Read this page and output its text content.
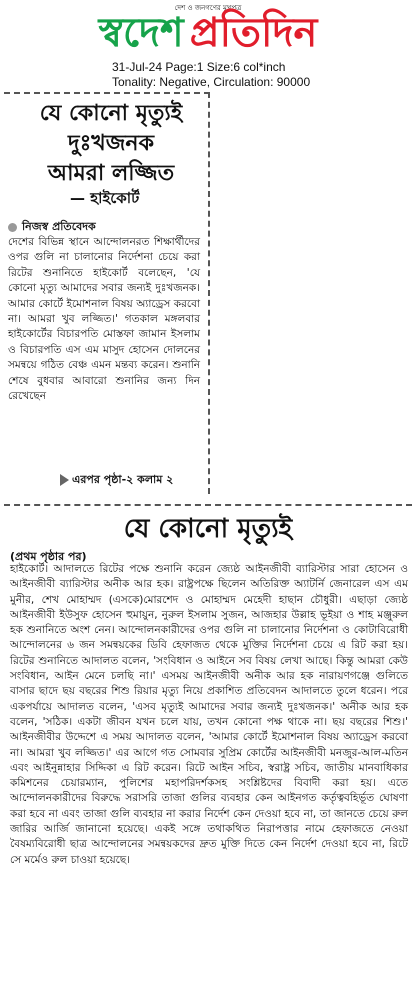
দেশ ও জনগণের মুখপত্র
স্বদেশ প্রতিদিন
31-Jul-24 Page:1 Size:6 col*inch
Tonality: Negative, Circulation: 90000
যে কোনো মৃত্যুই
দুঃখজনক
আমরা লজ্জিত
— হাইকোর্ট
নিজস্ব প্রতিবেদক
দেশের বিভিন্ন স্থানে আন্দোলনরত শিক্ষার্থীদের ওপর গুলি না চালানোর নির্দেশনা চেয়ে করা রিটের শুনানিতে হাইকোর্ট বলেছেন, 'যে কোনো মৃত্যু আমাদের সবার জন্যই দুঃখজনক। আমার কোর্টে ইমোশনাল বিষয় অ্যাড্রেস করবো না। আমরা খুব লজ্জিত।' গতকাল মঙ্গলবার হাইকোর্টের বিচারপতি মোস্তফা জামান ইসলাম ও বিচারপতি এস এম মাসুদ হোসেন দোলনের সমন্বয়ে গঠিত বেঞ্চ এমন মন্তব্য করেন। শুনানি শেষে বুধবার আবারো শুনানির জন্য দিন রেখেছেন
এরপর পৃষ্ঠা-২ কলাম ২
যে কোনো মৃত্যুই
(প্রথম পৃষ্ঠার পর)
হাইকোর্ট। আদালতে রিটের পক্ষে শুনানি করেন জ্যেষ্ঠ আইনজীবী ব্যারিস্টার সারা হোসেন ও আইনজীবী ব্যারিস্টার অনীক আর হক। রাষ্ট্রপক্ষে ছিলেন অতিরিক্ত অ্যাটর্নি জেনারেল এস এম মুনীর, শেখ মোহাম্মদ (এসকে)মোরশেদ ও মোহাম্মদ মেহেদী হাছান চৌধুরী। এছাড়া জ্যেষ্ঠ আইনজীবী ইউসুফ হোসেন হুমায়ুন, নুরুল ইসলাম সুজন, আজহার উল্লাহ ভূইয়া ও শাহ মঞ্জুরুল হক শুনানিতে অংশ নেন। আন্দোলনকারীদের ওপর গুলি না চালানোর নির্দেশনা ও কোটাবিরোধী আন্দোলনের ৬ জন সমন্বয়কের ডিবি হেফাজত থেকে মুক্তির নির্দেশনা চেয়ে এ রিট করা হয়। রিটের শুনানিতে আদালত বলেন, 'সংবিধান ও আইনে সব বিষয় লেখা আছে। কিন্তু আমরা কেউ সংবিধান, আইন মেনে চলছি না।' এসময় আইনজীবী অনীক আর হক নারায়ণগঞ্জে গুলিতে বাসার ছাদে ছয় বছরের শিশু রিয়ার মৃত্যু নিয়ে প্রকাশিত প্রতিবেদন আদালতে তুলে ধরেন। পরে একপর্যায়ে আদালত বলেন, 'এসব মৃত্যুই আমাদের সবার জন্যই দুঃখজনক।' অনীক আর হক বলেন, 'সঠিক। একটা জীবন যখন চলে যায়, তখন কোনো পক্ষ থাকে না। ছয় বছরের শিশু।' আইনজীবীর উদ্দেশে এ সময় আদালত বলেন, 'আমার কোর্টে ইমোশনাল বিষয় অ্যাড্রেস করবো না। আমরা খুব লজ্জিত।' এর আগে গত সোমবার সুপ্রিম কোর্টের আইনজীবী মনজুর-আল-মতিন এবং আইনুন্নাহার সিদ্দিকা এ রিট করেন। রিটে আইন সচিব, স্বরাষ্ট্র সচিব, জাতীয় মানবাধিকার কমিশনের চেয়ারম্যান, পুলিশের মহাপরিদর্শকসহ সংশ্লিষ্টদের বিবাদী করা হয়। এতে আন্দোলনকারীদের বিরুদ্ধে সরাসরি তাজা গুলির ব্যবহার কেন আইনগত কর্তৃত্ববহির্ভূত ঘোষণা করা হবে না এবং তাজা গুলি ব্যবহার না করার নির্দেশ কেন দেওয়া হবে না, তা জানতে চেয়ে রুল জারির আর্জি জানানো হয়েছে। একই সঙ্গে তথাকথিত নিরাপত্তার নামে হেফাজতে নেওয়া বৈষম্যবিরোধী ছাত্র আন্দোলনের সমন্বয়কদের দ্রুত মুক্তি দিতে কেন নির্দেশ দেওয়া হবে না, রিটে সে মর্মেও রুল চাওয়া হয়েছে।
